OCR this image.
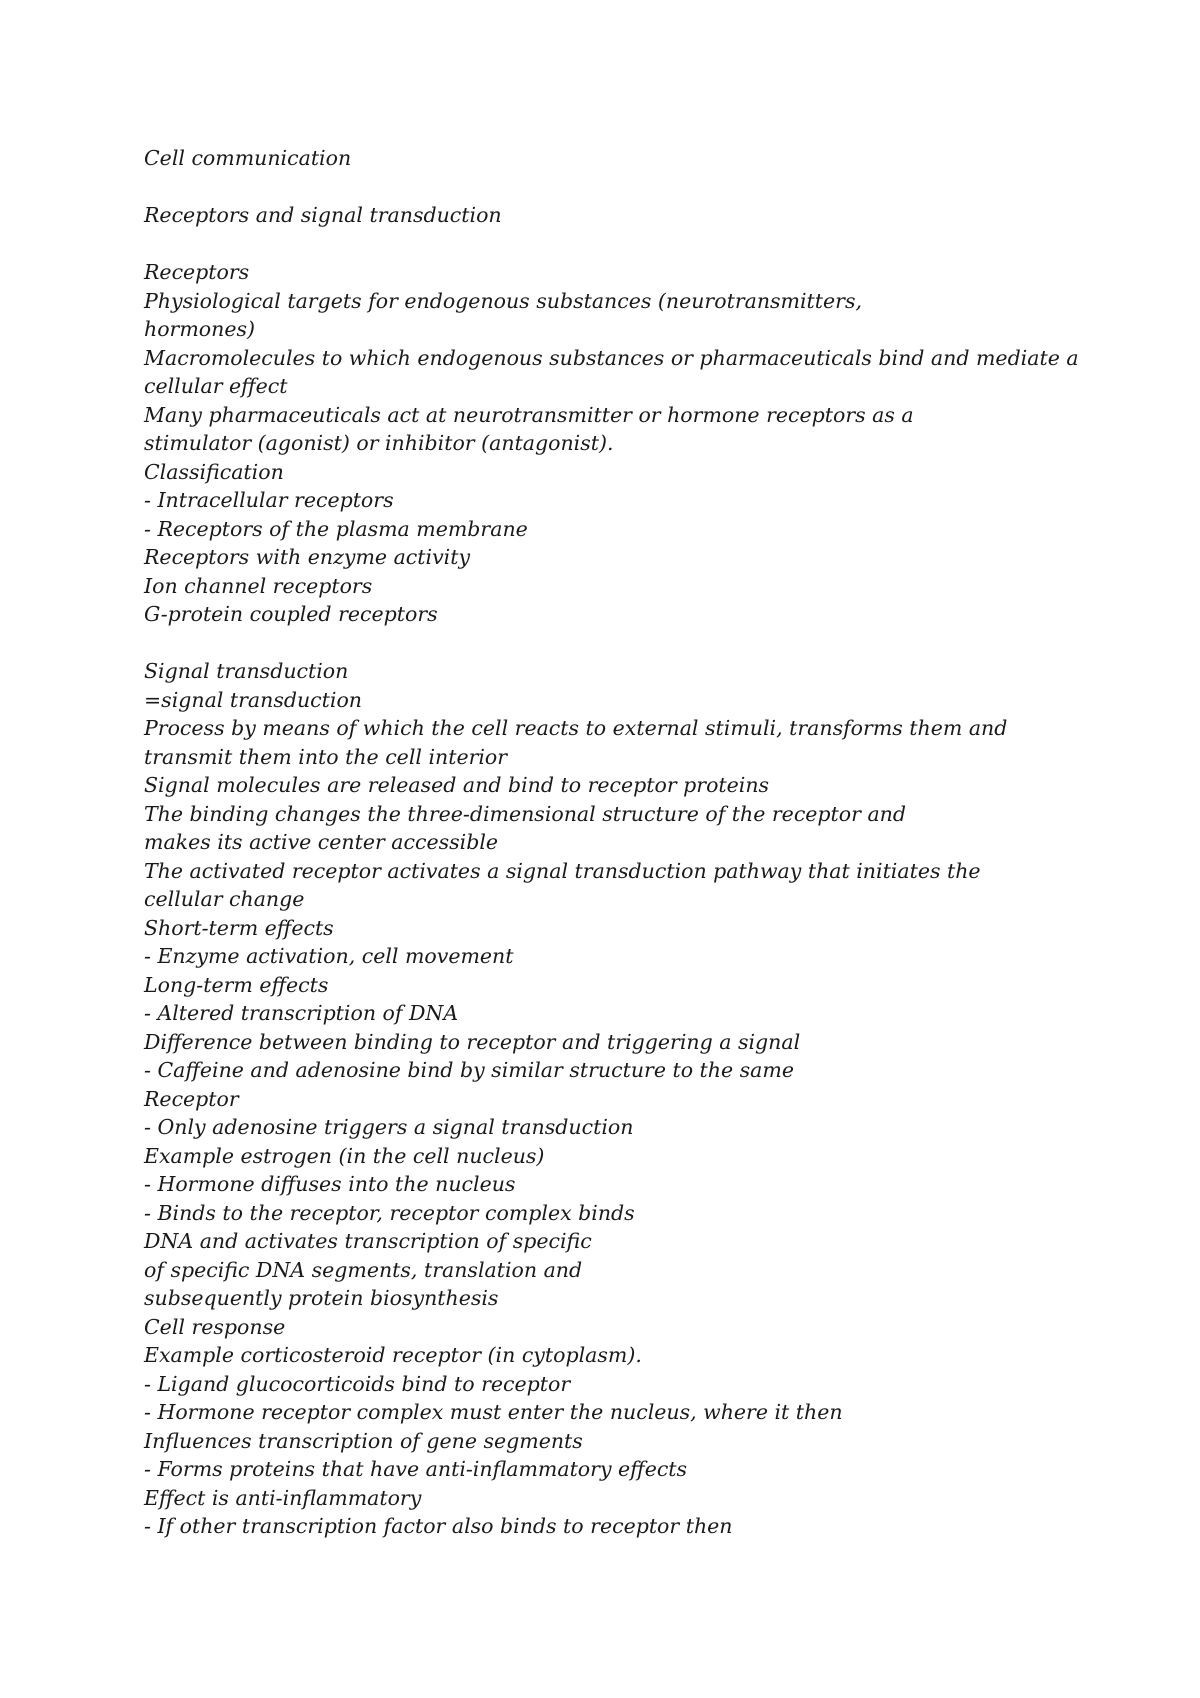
Cell communication
Receptors and signal transduction
Receptors
Physiological targets for endogenous substances (neurotransmitters,
hormones)
Macromolecules to which endogenous substances or pharmaceuticals bind and mediate a
cellular effect
Many pharmaceuticals act at neurotransmitter or hormone receptors as a
stimulator (agonist) or inhibitor (antagonist).
Classification
- Intracellular receptors
- Receptors of the plasma membrane
Receptors with enzyme activity
Ion channel receptors
G-protein coupled receptors
Signal transduction
=signal transduction
Process by means of which the cell reacts to external stimuli, transforms them and
transmit them into the cell interior
Signal molecules are released and bind to receptor proteins
The binding changes the three-dimensional structure of the receptor and
makes its active center accessible
The activated receptor activates a signal transduction pathway that initiates the
cellular change
Short-term effects
- Enzyme activation, cell movement
Long-term effects
- Altered transcription of DNA
Difference between binding to receptor and triggering a signal
- Caffeine and adenosine bind by similar structure to the same
Receptor
- Only adenosine triggers a signal transduction
Example estrogen (in the cell nucleus)
- Hormone diffuses into the nucleus
- Binds to the receptor, receptor complex binds
DNA and activates transcription of specific
of specific DNA segments, translation and
subsequently protein biosynthesis
Cell response
Example corticosteroid receptor (in cytoplasm).
- Ligand glucocorticoids bind to receptor
- Hormone receptor complex must enter the nucleus, where it then
Influences transcription of gene segments
- Forms proteins that have anti-inflammatory effects
Effect is anti-inflammatory
- If other transcription factor also binds to receptor then
